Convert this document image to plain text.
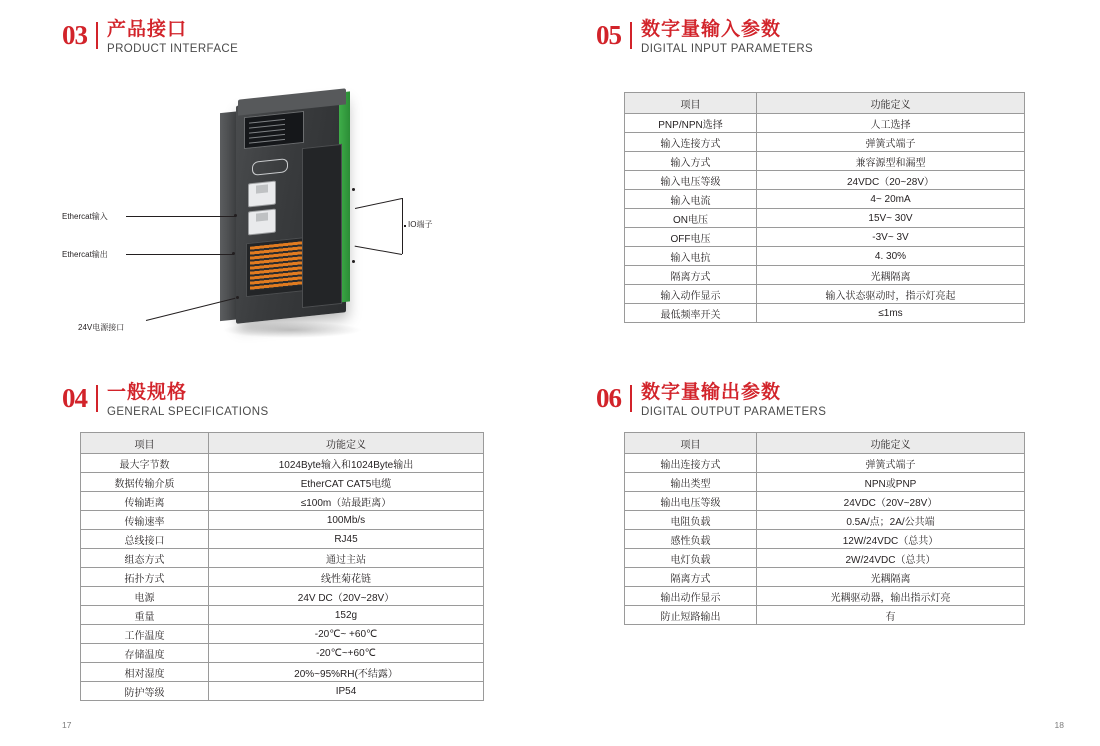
03	产品接口
PRODUCT INTERFACE
Ethercat输入
Ethercat输出
24V电源接口
IO端子
04	一般规格
GENERAL SPECIFICATIONS
项目	功能定义
最大字节数	1024Byte输入和1024Byte输出
数据传输介质	EtherCAT CAT5电缆
传输距离	≤100m（站最距离）
传输速率	100Mb/s
总线接口	RJ45
组态方式	通过主站
拓扑方式	线性菊花链
电源	24V DC（20V~28V）
重量	152g
工作温度	-20℃~ +60℃
存储温度	-20℃~+60℃
相对湿度	20%~95%RH(不结露）
防护等级	IP54
17
05	数字量输入参数
DIGITAL INPUT PARAMETERS
项目	功能定义
PNP/NPN选择	人工选择
输入连接方式	弹簧式端子
输入方式	兼容源型和漏型
输入电压等级	24VDC（20~28V）
输入电流	4~ 20mA
ON电压	15V~ 30V
OFF电压	-3V~ 3V
输入电抗	4. 30%
隔离方式	光耦隔离
输入动作显示	输入状态驱动时，指示灯亮起
最低频率开关	≤1ms
06	数字量输出参数
DIGITAL OUTPUT PARAMETERS
项目	功能定义
输出连接方式	弹簧式端子
输出类型	NPN或PNP
输出电压等级	24VDC（20V~28V）
电阻负载	0.5A/点；2A/公共端
感性负载	12W/24VDC（总共）
电灯负载	2W/24VDC（总共）
隔离方式	光耦隔离
输出动作显示	光耦驱动器，输出指示灯亮
防止短路输出	有
18
